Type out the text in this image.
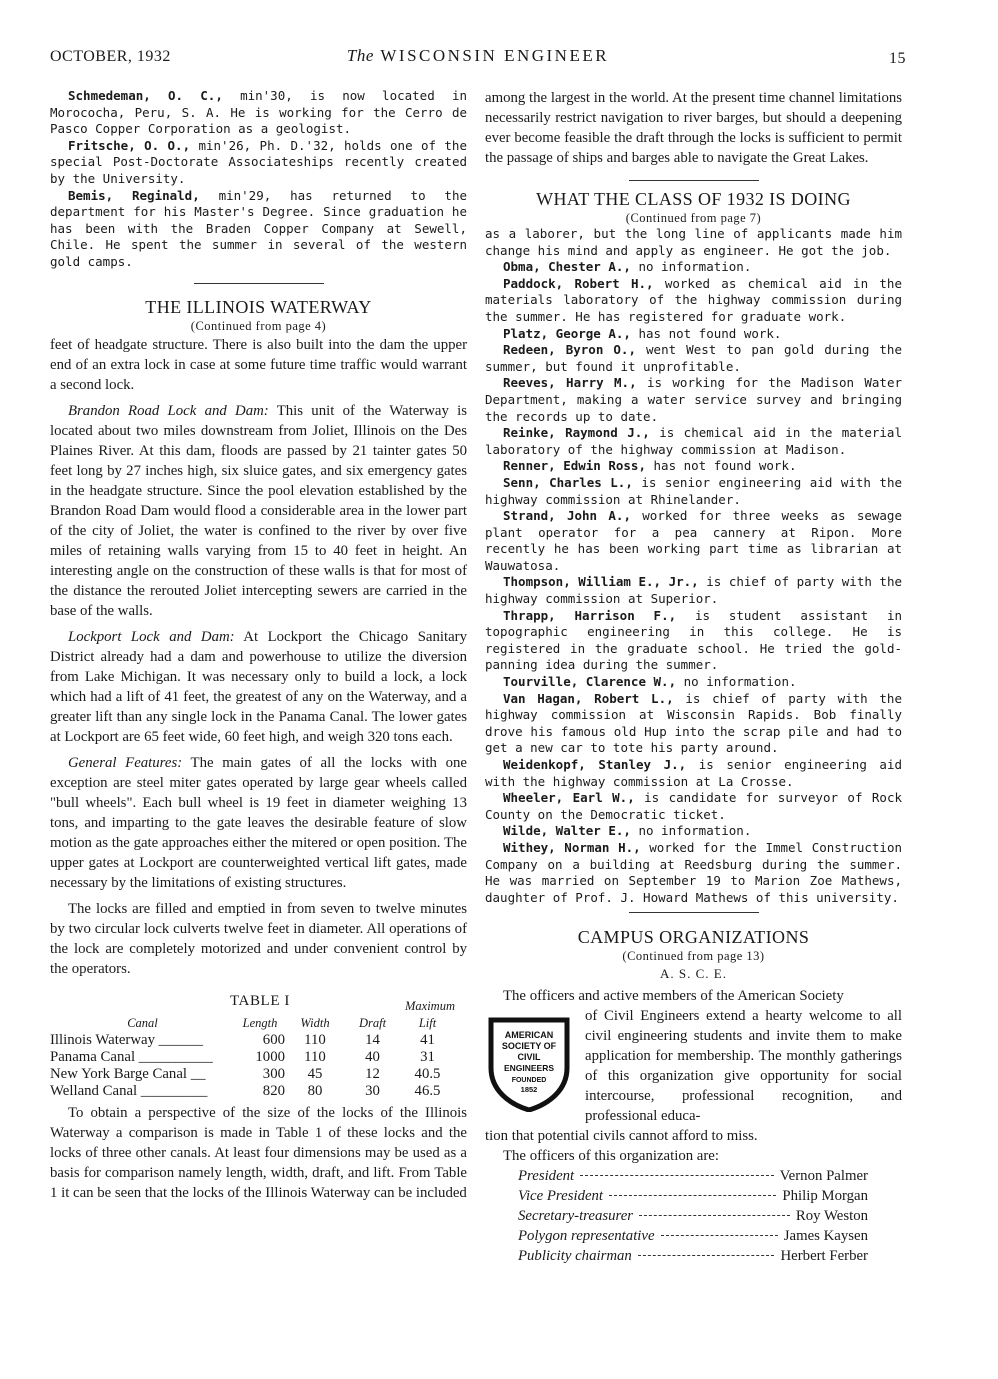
OCTOBER, 1932	The WISCONSIN ENGINEER	15

Schmedeman, O. C., min'30, is now located in Morococha, Peru, S. A. He is working for the Cerro de Pasco Copper Corporation as a geologist.

Fritsche, O. O., min'26, Ph. D.'32, holds one of the special Post-Doctorate Associateships recently created by the University.

Bemis, Reginald, min'29, has returned to the department for his Master's Degree. Since graduation he has been with the Braden Copper Company at Sewell, Chile. He spent the summer in several of the western gold camps.

THE ILLINOIS WATERWAY
(Continued from page 4)

feet of headgate structure. There is also built into the dam the upper end of an extra lock in case at some future time traffic would warrant a second lock.

Brandon Road Lock and Dam: This unit of the Waterway is located about two miles downstream from Joliet, Illinois on the Des Plaines River. At this dam, floods are passed by 21 tainter gates 50 feet long by 27 inches high, six sluice gates, and six emergency gates in the headgate structure. Since the pool elevation established by the Brandon Road Dam would flood a considerable area in the lower part of the city of Joliet, the water is confined to the river by over five miles of retaining walls varying from 15 to 40 feet in height. An interesting angle on the construction of these walls is that for most of the distance the rerouted Joliet intercepting sewers are carried in the base of the walls.

Lockport Lock and Dam: At Lockport the Chicago Sanitary District already had a dam and powerhouse to utilize the diversion from Lake Michigan. It was necessary only to build a lock, a lock which had a lift of 41 feet, the greatest of any on the Waterway, and a greater lift than any single lock in the Panama Canal. The lower gates at Lockport are 65 feet wide, 60 feet high, and weigh 320 tons each.

General Features: The main gates of all the locks with one exception are steel miter gates operated by large gear wheels called "bull wheels". Each bull wheel is 19 feet in diameter weighing 13 tons, and imparting to the gate leaves the desirable feature of slow motion as the gate approaches either the mitered or open position. The upper gates at Lockport are counterweighted vertical lift gates, made necessary by the limitations of existing structures.

The locks are filled and emptied in from seven to twelve minutes by two circular lock culverts twelve feet in diameter. All operations of the lock are completely motorized and under convenient control by the operators.

TABLE I	Maximum
Canal	Length	Width	Draft	Lift
Illinois Waterway ______	600	110	14	41
Panama Canal __________	1000	110	40	31
New York Barge Canal __	300	45	12	40.5
Welland Canal _________	820	80	30	46.5

To obtain a perspective of the size of the locks of the Illinois Waterway a comparison is made in Table 1 of these locks and the locks of three other canals. At least four dimensions may be used as a basis for comparison namely length, width, draft, and lift. From Table 1 it can be seen that the locks of the Illinois Waterway can be included

among the largest in the world. At the present time channel limitations necessarily restrict navigation to river barges, but should a deepening ever become feasible the draft through the locks is sufficient to permit the passage of ships and barges able to navigate the Great Lakes.

WHAT THE CLASS OF 1932 IS DOING
(Continued from page 7)

as a laborer, but the long line of applicants made him change his mind and apply as engineer. He got the job.

Obma, Chester A., no information.

Paddock, Robert H., worked as chemical aid in the materials laboratory of the highway commission during the summer. He has registered for graduate work.

Platz, George A., has not found work.

Redeen, Byron O., went West to pan gold during the summer, but found it unprofitable.

Reeves, Harry M., is working for the Madison Water Department, making a water service survey and bringing the records up to date.

Reinke, Raymond J., is chemical aid in the material laboratory of the highway commission at Madison.

Renner, Edwin Ross, has not found work.

Senn, Charles L., is senior engineering aid with the highway commission at Rhinelander.

Strand, John A., worked for three weeks as sewage plant operator for a pea cannery at Ripon. More recently he has been working part time as librarian at Wauwatosa.

Thompson, William E., Jr., is chief of party with the highway commission at Superior.

Thrapp, Harrison F., is student assistant in topographic engineering in this college. He is registered in the graduate school. He tried the gold-panning idea during the summer.

Tourville, Clarence W., no information.

Van Hagan, Robert L., is chief of party with the highway commission at Wisconsin Rapids. Bob finally drove his famous old Hup into the scrap pile and had to get a new car to tote his party around.

Weidenkopf, Stanley J., is senior engineering aid with the highway commission at La Crosse.

Wheeler, Earl W., is candidate for surveyor of Rock County on the Democratic ticket.

Wilde, Walter E., no information.

Withey, Norman H., worked for the Immel Construction Company on a building at Reedsburg during the summer. He was married on September 19 to Marion Zoe Mathews, daughter of Prof. J. Howard Mathews of this university.

CAMPUS ORGANIZATIONS
(Continued from page 13)
A. S. C. E.
AMERICAN
SOCIETY OF
CIVIL
ENGINEERS
FOUNDED
1852

The officers and active members of the American Society

of Civil Engineers extend a hearty welcome to all civil engineering students and invite them to make application for membership. The monthly gatherings of this organization give opportunity for social intercourse, professional recognition, and professional educa-

tion that potential civils cannot afford to miss.

The officers of this organization are:

President	Vernon Palmer
Vice President	Philip Morgan
Secretary-treasurer	Roy Weston
Polygon representative	James Kaysen
Publicity chairman	Herbert Ferber
